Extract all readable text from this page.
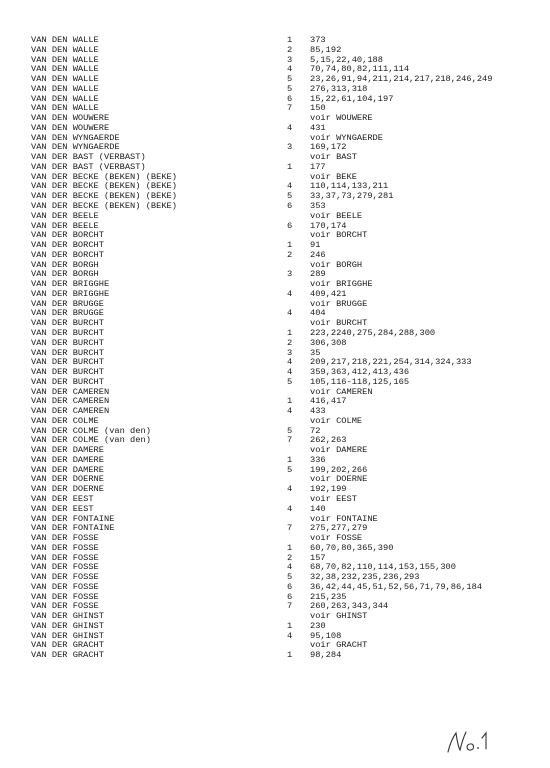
VAN DEN WALLE	1 373
VAN DEN WALLE	2 85,192
VAN DEN WALLE	3 5,15,22,40,188
VAN DEN WALLE	4 70,74,80,82,111,114
VAN DEN WALLE	5 23,26,91,94,211,214,217,218,246,249
VAN DEN WALLE	5 276,313,318
VAN DEN WALLE	6 15,22,61,104,197
VAN DEN WALLE	7 150
VAN DEN WOUWERE	voir WOUWERE
VAN DEN WOUWERE	4 431
VAN DEN WYNGAERDE	voir WYNGAERDE
VAN DEN WYNGAERDE	3 169,172
VAN DER BAST (VERBAST)	voir BAST
VAN DER BAST (VERBAST)	1 177
VAN DER BECKE (BEKEN) (BEKE)	voir BEKE
VAN DER BECKE (BEKEN) (BEKE)	4 110,114,133,211
VAN DER BECKE (BEKEN) (BEKE)	5 33,37,73,279,281
VAN DER BECKE (BEKEN) (BEKE)	6 353
VAN DER BEELE	voir BEELE
VAN DER BEELE	6 170,174
VAN DER BORCHT	voir BORCHT
VAN DER BORCHT	1 91
VAN DER BORCHT	2 246
VAN DER BORGH	voir BORGH
VAN DER BORGH	3 289
VAN DER BRIGGHE	voir BRIGGHE
VAN DER BRIGGHE	4 409,421
VAN DER BRUGGE	voir BRUGGE
VAN DER BRUGGE	4 404
VAN DER BURCHT	voir BURCHT
VAN DER BURCHT	1 223,2240,275,284,288,300
VAN DER BURCHT	2 306,308
VAN DER BURCHT	3 35
VAN DER BURCHT	4 209,217,218,221,254,314,324,333
VAN DER BURCHT	4 359,363,412,413,436
VAN DER BURCHT	5 105,116-118,125,165
VAN DER CAMEREN	voir CAMEREN
VAN DER CAMEREN	1 416,417
VAN DER CAMEREN	4 433
VAN DER COLME	voir COLME
VAN DER COLME (van den)	5 72
VAN DER COLME (van den)	7 262,263
VAN DER DAMERE	voir DAMERE
VAN DER DAMERE	1 336
VAN DER DAMERE	5 199,202,266
VAN DER DOERNE	voir DOERNE
VAN DER DOERNE	4 192,199
VAN DER EEST	voir EEST
VAN DER EEST	4 140
VAN DER FONTAINE	voir FONTAINE
VAN DER FONTAINE	7 275,277,279
VAN DER FOSSE	voir FOSSE
VAN DER FOSSE	1 60,70,80,365,390
VAN DER FOSSE	2 157
VAN DER FOSSE	4 68,70,82,110,114,153,155,300
VAN DER FOSSE	5 32,38,232,235,236,293
VAN DER FOSSE	6 36,42,44,45,51,52,56,71,79,86,184
VAN DER FOSSE	6 215,235
VAN DER FOSSE	7 260,263,343,344
VAN DER GHINST	voir GHINST
VAN DER GHINST	1 230
VAN DER GHINST	4 95,108
VAN DER GRACHT	voir GRACHT
VAN DER GRACHT	1 98,284
